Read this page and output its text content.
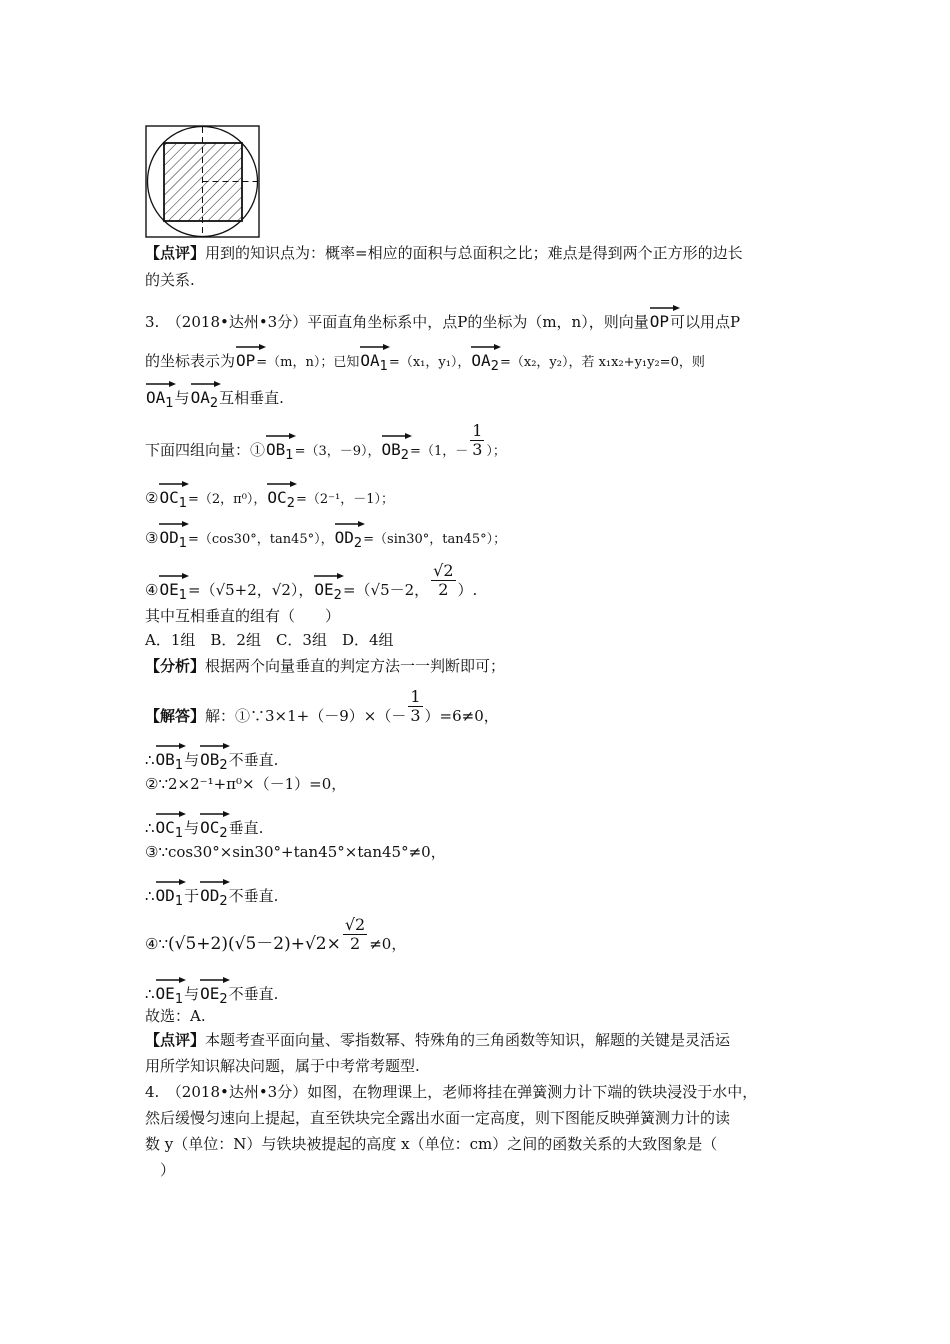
【点评】用到的知识点为：概率=相应的面积与总面积之比；难点是得到两个正方形的边长
的关系.
3.　（2018•达州•3分）平面直角坐标系中，点P的坐标为（m，n），则向量
OP可以用点P
的坐标表示为
OP=（m，n）；已知
$OA_1=(x_1$，y₁），
$OA_2=(x_2$，y₂），若 x₁x₂+y₁y₂=0，则
$OA_1$与
$OA_2$互相垂直.
下面四组向量：①
$OB_1=(3$，－9），
$OB_2=(1$，－ $\frac{1}{3}$ ）；
②
$OC_1=(2$，π⁰），
$OC_2=(2^{-1}$，－1）；
③
$OD_1=(\cos 30^\circ$，tan45°），
$OD_2=(\sin 30^\circ$，tan45°）；
④
$OE_1=(√5+2$，√2），
$OE_2=(√5-2$， $\frac{√2}{2}$ ）.
其中互相垂直的组有（　　）
A．1组　B．2组　C．3组　D．4组
【分析】根据两个向量垂直的判定方法一一判断即可；
【解答】解：①∵3×1+（－9）×（－ $\frac{1}{3} )=6\ne 0$，
∴
$OB_1$与
$OB_2$不垂直.
②∵2×2⁻¹+π⁰×（－1）=0，
∴
$OC_1$与
$OC_2$垂直.
③∵cos30°×sin30°+tan45°×tan45°≠0，
∴
$OD_1$于
$OD_2$不垂直.
④∵(√5+2)(√5－2)+√2× $\frac{√2}{2} \ne 0$，
∴
$OE_1$与
$OE_2$不垂直.
故选：A.
【点评】本题考查平面向量、零指数幂、特殊角的三角函数等知识，解题的关键是灵活运
用所学知识解决问题，属于中考常考题型.
4.　（2018•达州•3分）如图，在物理课上，老师将挂在弹簧测力计下端的铁块浸没于水中，
然后缓慢匀速向上提起，直至铁块完全露出水面一定高度，则下图能反映弹簧测力计的读
数 y（单位：N）与铁块被提起的高度 x（单位：cm）之间的函数关系的大致图象是（
　）
